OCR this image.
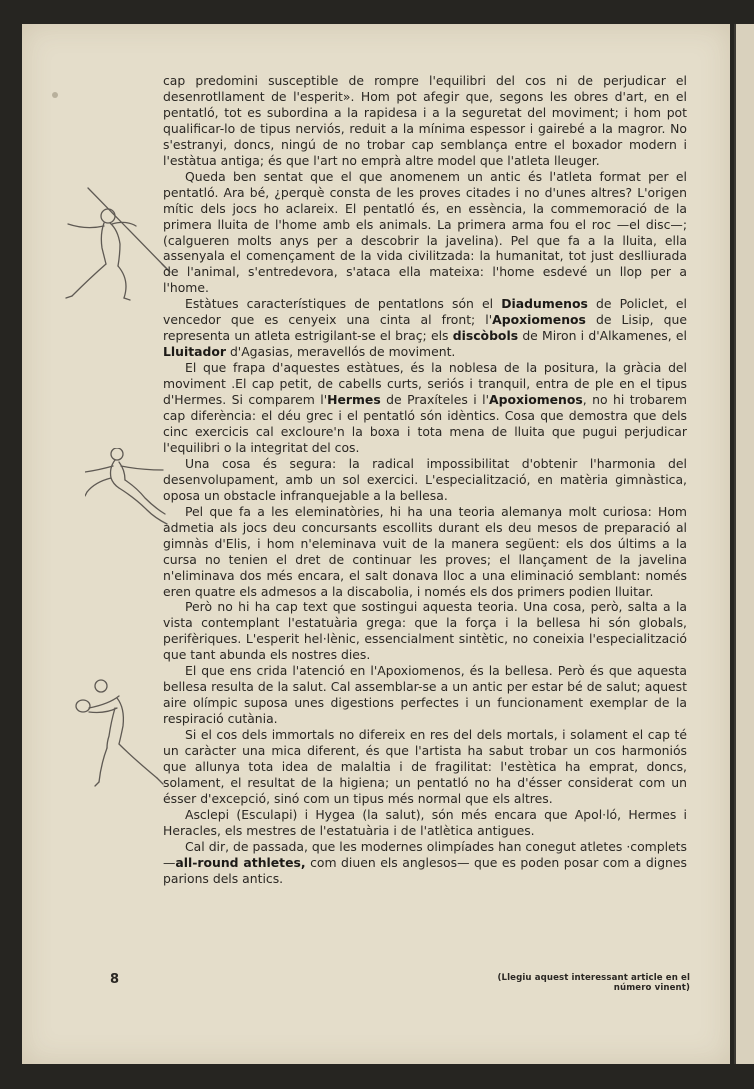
cap predomini susceptible de rompre l'equilibri del cos ni de perjudicar el desenrotllament de l'esperit». Hom pot afegir que, segons les obres d'art, en el pentatló, tot es subordina a la rapidesa i a la seguretat del moviment; i hom pot qualificar-lo de tipus nerviós, reduit a la mínima espessor i gairebé a la magror. No s'estranyi, doncs, ningú de no trobar cap semblança entre el boxador modern i l'estàtua antiga; és que l'art no emprà altre model que l'atleta lleuger.

Queda ben sentat que el que anomenem un antic és l'atleta format per el pentatló. Ara bé, ¿perquè consta de les proves citades i no d'unes altres? L'origen mític dels jocs ho aclareix. El pentatló és, en essència, la commemoració de la primera lluita de l'home amb els animals. La primera arma fou el roc —el disc—; (calgueren molts anys per a descobrir la javelina). Pel que fa a la lluita, ella assenyala el començament de la vida civilitzada: la humanitat, tot just deslliurada de l'animal, s'entredevora, s'ataca ella mateixa: l'home esdevé un llop per a l'home.

Estàtues característiques de pentatlons són el Diadumenos de Policlet, el vencedor que es cenyeix una cinta al front; l'Apoxiomenos de Lisip, que representa un atleta estrigilant-se el braç; els discòbols de Miron i d'Alkamenes, el Lluitador d'Agasias, meravellós de moviment.

El que frapa d'aquestes estàtues, és la noblesa de la positura, la gràcia del moviment .El cap petit, de cabells curts, seriós i tranquil, entra de ple en el tipus d'Hermes. Si comparem l'Hermes de Praxíteles i l'Apoxiomenos, no hi trobarem cap diferència: el déu grec i el pentatló són idèntics. Cosa que demostra que dels cinc exercicis cal excloure'n la boxa i tota mena de lluita que pugui perjudicar l'equilibri o la integritat del cos.

Una cosa és segura: la radical impossibilitat d'obtenir l'harmonia del desenvolupament, amb un sol exercici. L'especialització, en matèria gimnàstica, oposa un obstacle infranquejable a la bellesa.

Pel que fa a les eleminatòries, hi ha una teoria alemanya molt curiosa: Hom admetia als jocs deu concursants escollits durant els deu mesos de preparació al gimnàs d'Elis, i hom n'eleminava vuit de la manera següent: els dos últims a la cursa no tenien el dret de continuar les proves; el llançament de la javelina n'eliminava dos més encara, el salt donava lloc a una eliminació semblant: només eren quatre els admesos a la discabolia, i només els dos primers podien lluitar.

Però no hi ha cap text que sostingui aquesta teoria. Una cosa, però, salta a la vista contemplant l'estatuària grega: que la força i la bellesa hi són globals, perifèriques. L'esperit hel·lènic, essencialment sintètic, no coneixia l'especialització que tant abunda els nostres dies.

El que ens crida l'atenció en l'Apoxiomenos, és la bellesa. Però és que aquesta bellesa resulta de la salut. Cal assemblar-se a un antic per estar bé de salut; aquest aire olímpic suposa unes digestions perfectes i un funcionament exemplar de la respiració cutània.

Si el cos dels immortals no difereix en res del dels mortals, i solament el cap té un caràcter una mica diferent, és que l'artista ha sabut trobar un cos harmoniós que allunya tota idea de malaltia i de fragilitat: l'estètica ha emprat, doncs, solament, el resultat de la higiena; un pentatló no ha d'ésser considerat com un ésser d'excepció, sinó com un tipus més normal que els altres.

Asclepi (Esculapi) i Hygea (la salut), són més encara que Apol·ló, Hermes i Heracles, els mestres de l'estatuària i de l'atlètica antigues.

Cal dir, de passada, que les modernes olimpíades han conegut atletes ·complets —all-round athletes, com diuen els anglesos— que es poden posar com a dignes parions dels antics.

8	(Llegiu aquest interessant article en el número vinent)
